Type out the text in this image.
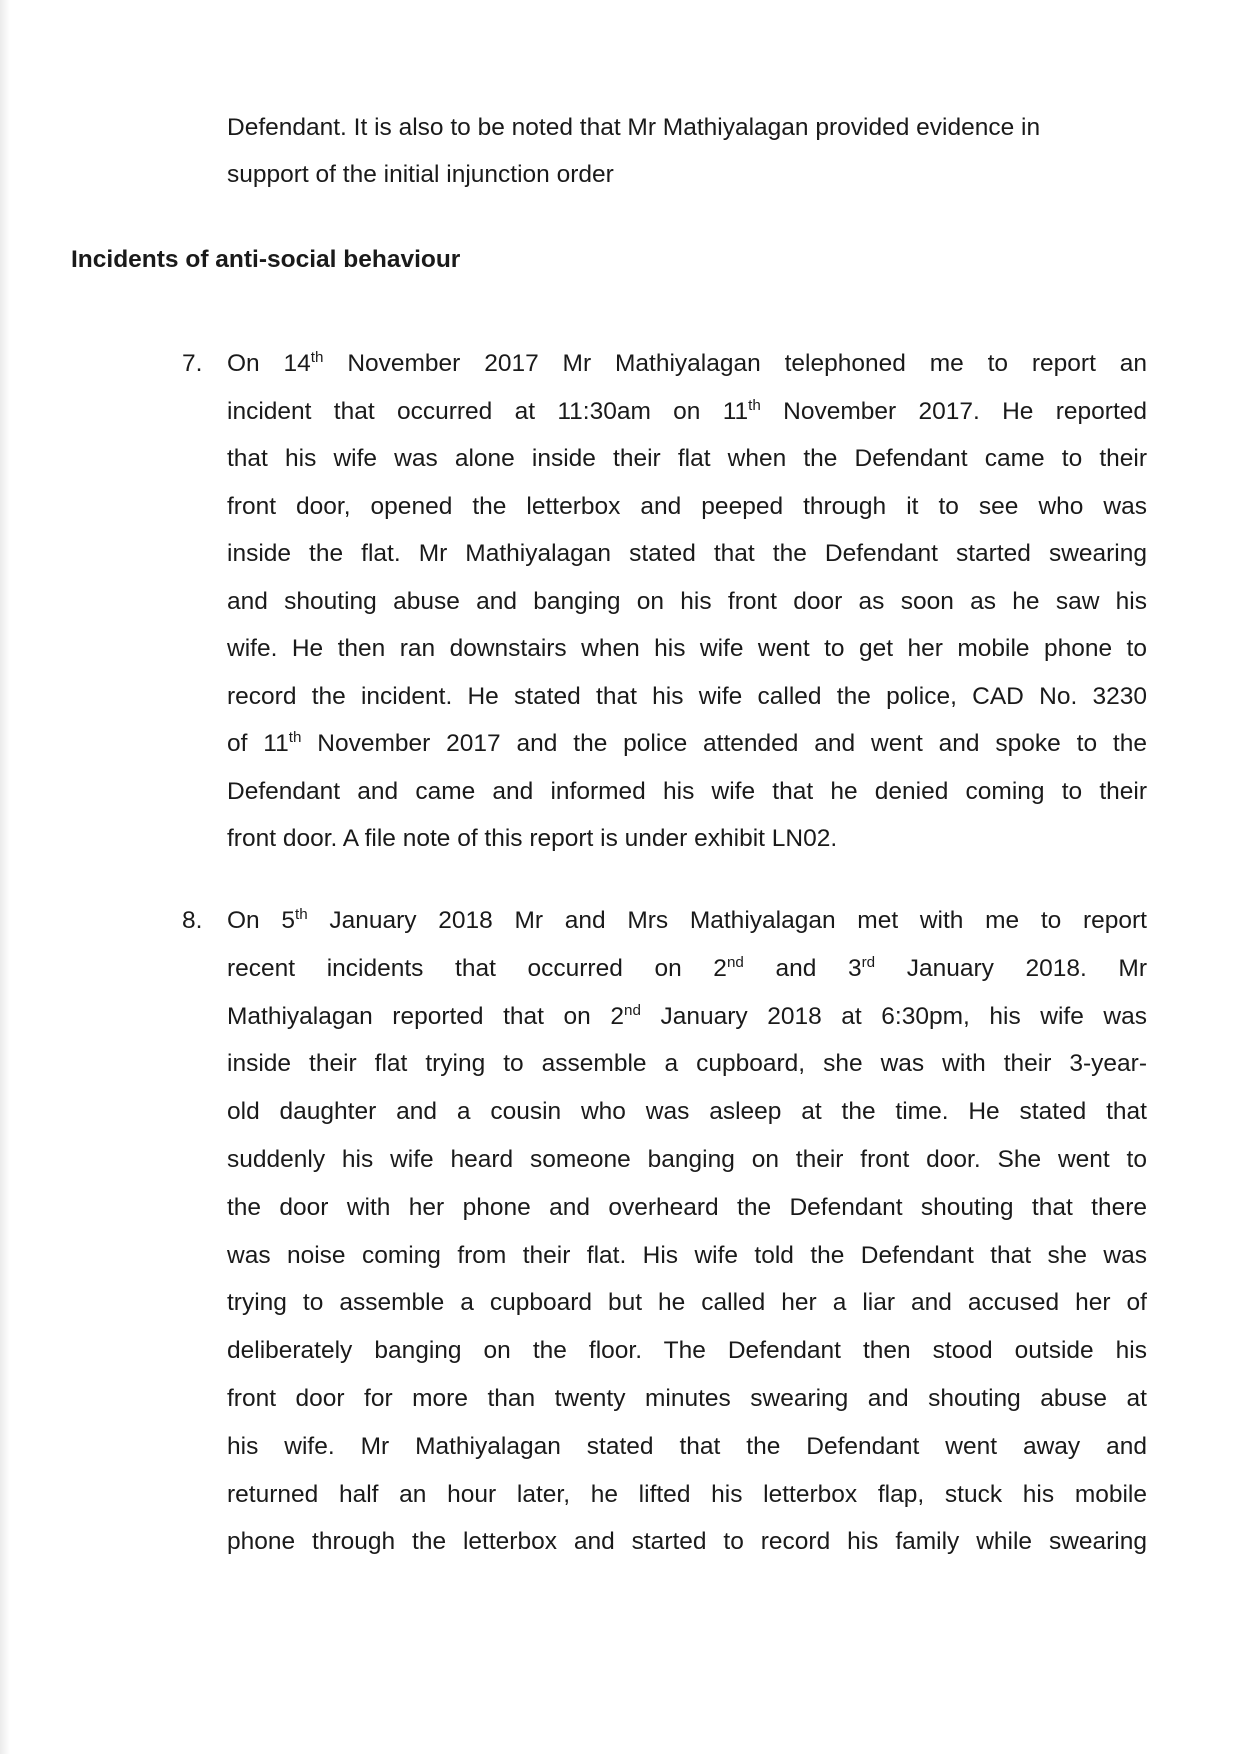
Defendant. It is also to be noted that Mr Mathiyalagan provided evidence in
support of the initial injunction order

Incidents of anti-social behaviour
7. On 14th November 2017 Mr Mathiyalagan telephoned me to report an
incident that occurred at 11:30am on 11th November 2017. He reported
that his wife was alone inside their flat when the Defendant came to their
front door, opened the letterbox and peeped through it to see who was
inside the flat. Mr Mathiyalagan stated that the Defendant started swearing
and shouting abuse and banging on his front door as soon as he saw his
wife. He then ran downstairs when his wife went to get her mobile phone to
record the incident. He stated that his wife called the police, CAD No. 3230
of 11th November 2017 and the police attended and went and spoke to the
Defendant and came and informed his wife that he denied coming to their
front door. A file note of this report is under exhibit LN02.
8. On 5th January 2018 Mr and Mrs Mathiyalagan met with me to report
recent incidents that occurred on 2nd and 3rd January 2018. Mr
Mathiyalagan reported that on 2nd January 2018 at 6:30pm, his wife was
inside their flat trying to assemble a cupboard, she was with their 3-year-
old daughter and a cousin who was asleep at the time. He stated that
suddenly his wife heard someone banging on their front door. She went to
the door with her phone and overheard the Defendant shouting that there
was noise coming from their flat. His wife told the Defendant that she was
trying to assemble a cupboard but he called her a liar and accused her of
deliberately banging on the floor. The Defendant then stood outside his
front door for more than twenty minutes swearing and shouting abuse at
his wife. Mr Mathiyalagan stated that the Defendant went away and
returned half an hour later, he lifted his letterbox flap, stuck his mobile
phone through the letterbox and started to record his family while swearing
